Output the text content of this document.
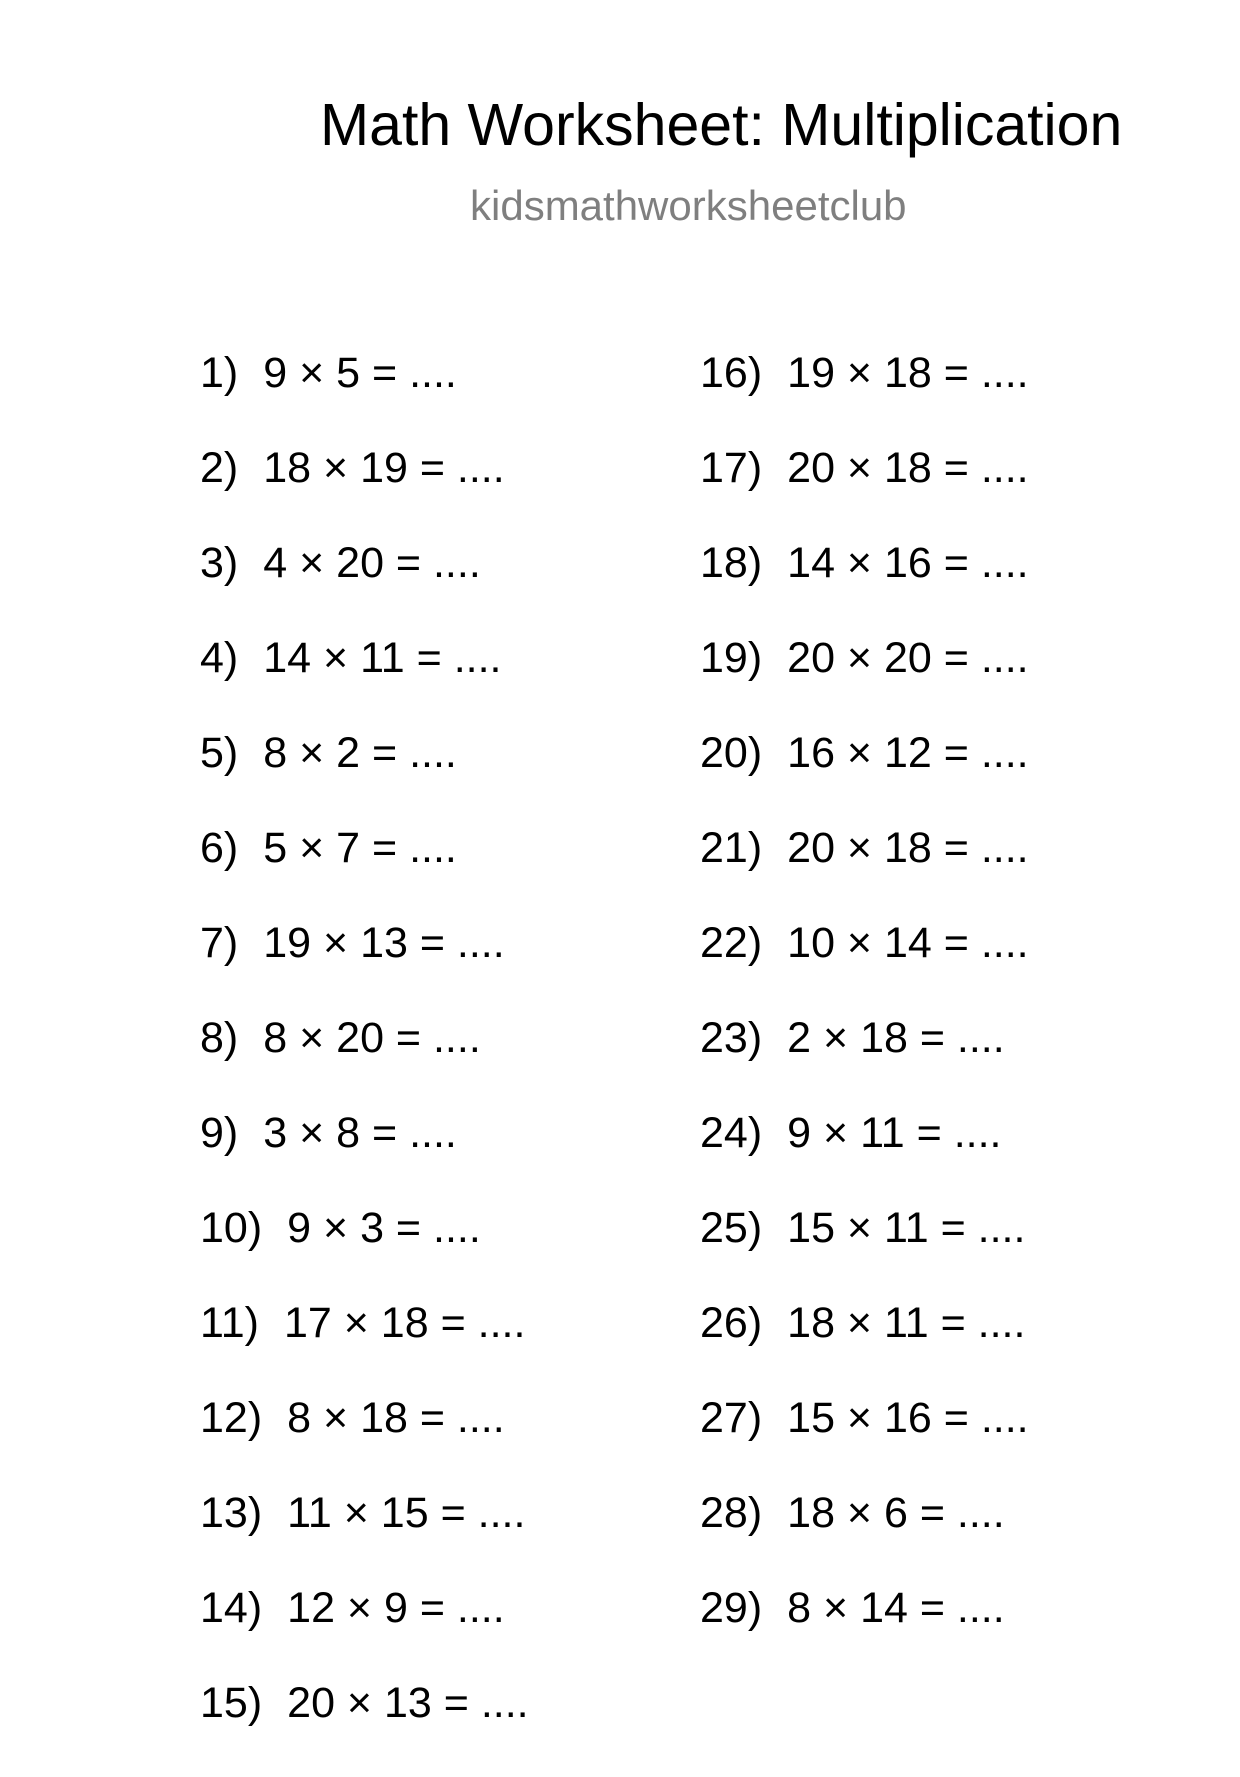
Math Worksheet: Multiplication
kidsmathworksheetclub
1) 9 × 5 = ....
2) 18 × 19 = ....
3) 4 × 20 = ....
4) 14 × 11 = ....
5) 8 × 2 = ....
6) 5 × 7 = ....
7) 19 × 13 = ....
8) 8 × 20 = ....
9) 3 × 8 = ....
10) 9 × 3 = ....
11) 17 × 18 = ....
12) 8 × 18 = ....
13) 11 × 15 = ....
14) 12 × 9 = ....
15) 20 × 13 = ....
16) 19 × 18 = ....
17) 20 × 18 = ....
18) 14 × 16 = ....
19) 20 × 20 = ....
20) 16 × 12 = ....
21) 20 × 18 = ....
22) 10 × 14 = ....
23) 2 × 18 = ....
24) 9 × 11 = ....
25) 15 × 11 = ....
26) 18 × 11 = ....
27) 15 × 16 = ....
28) 18 × 6 = ....
29) 8 × 14 = ....
